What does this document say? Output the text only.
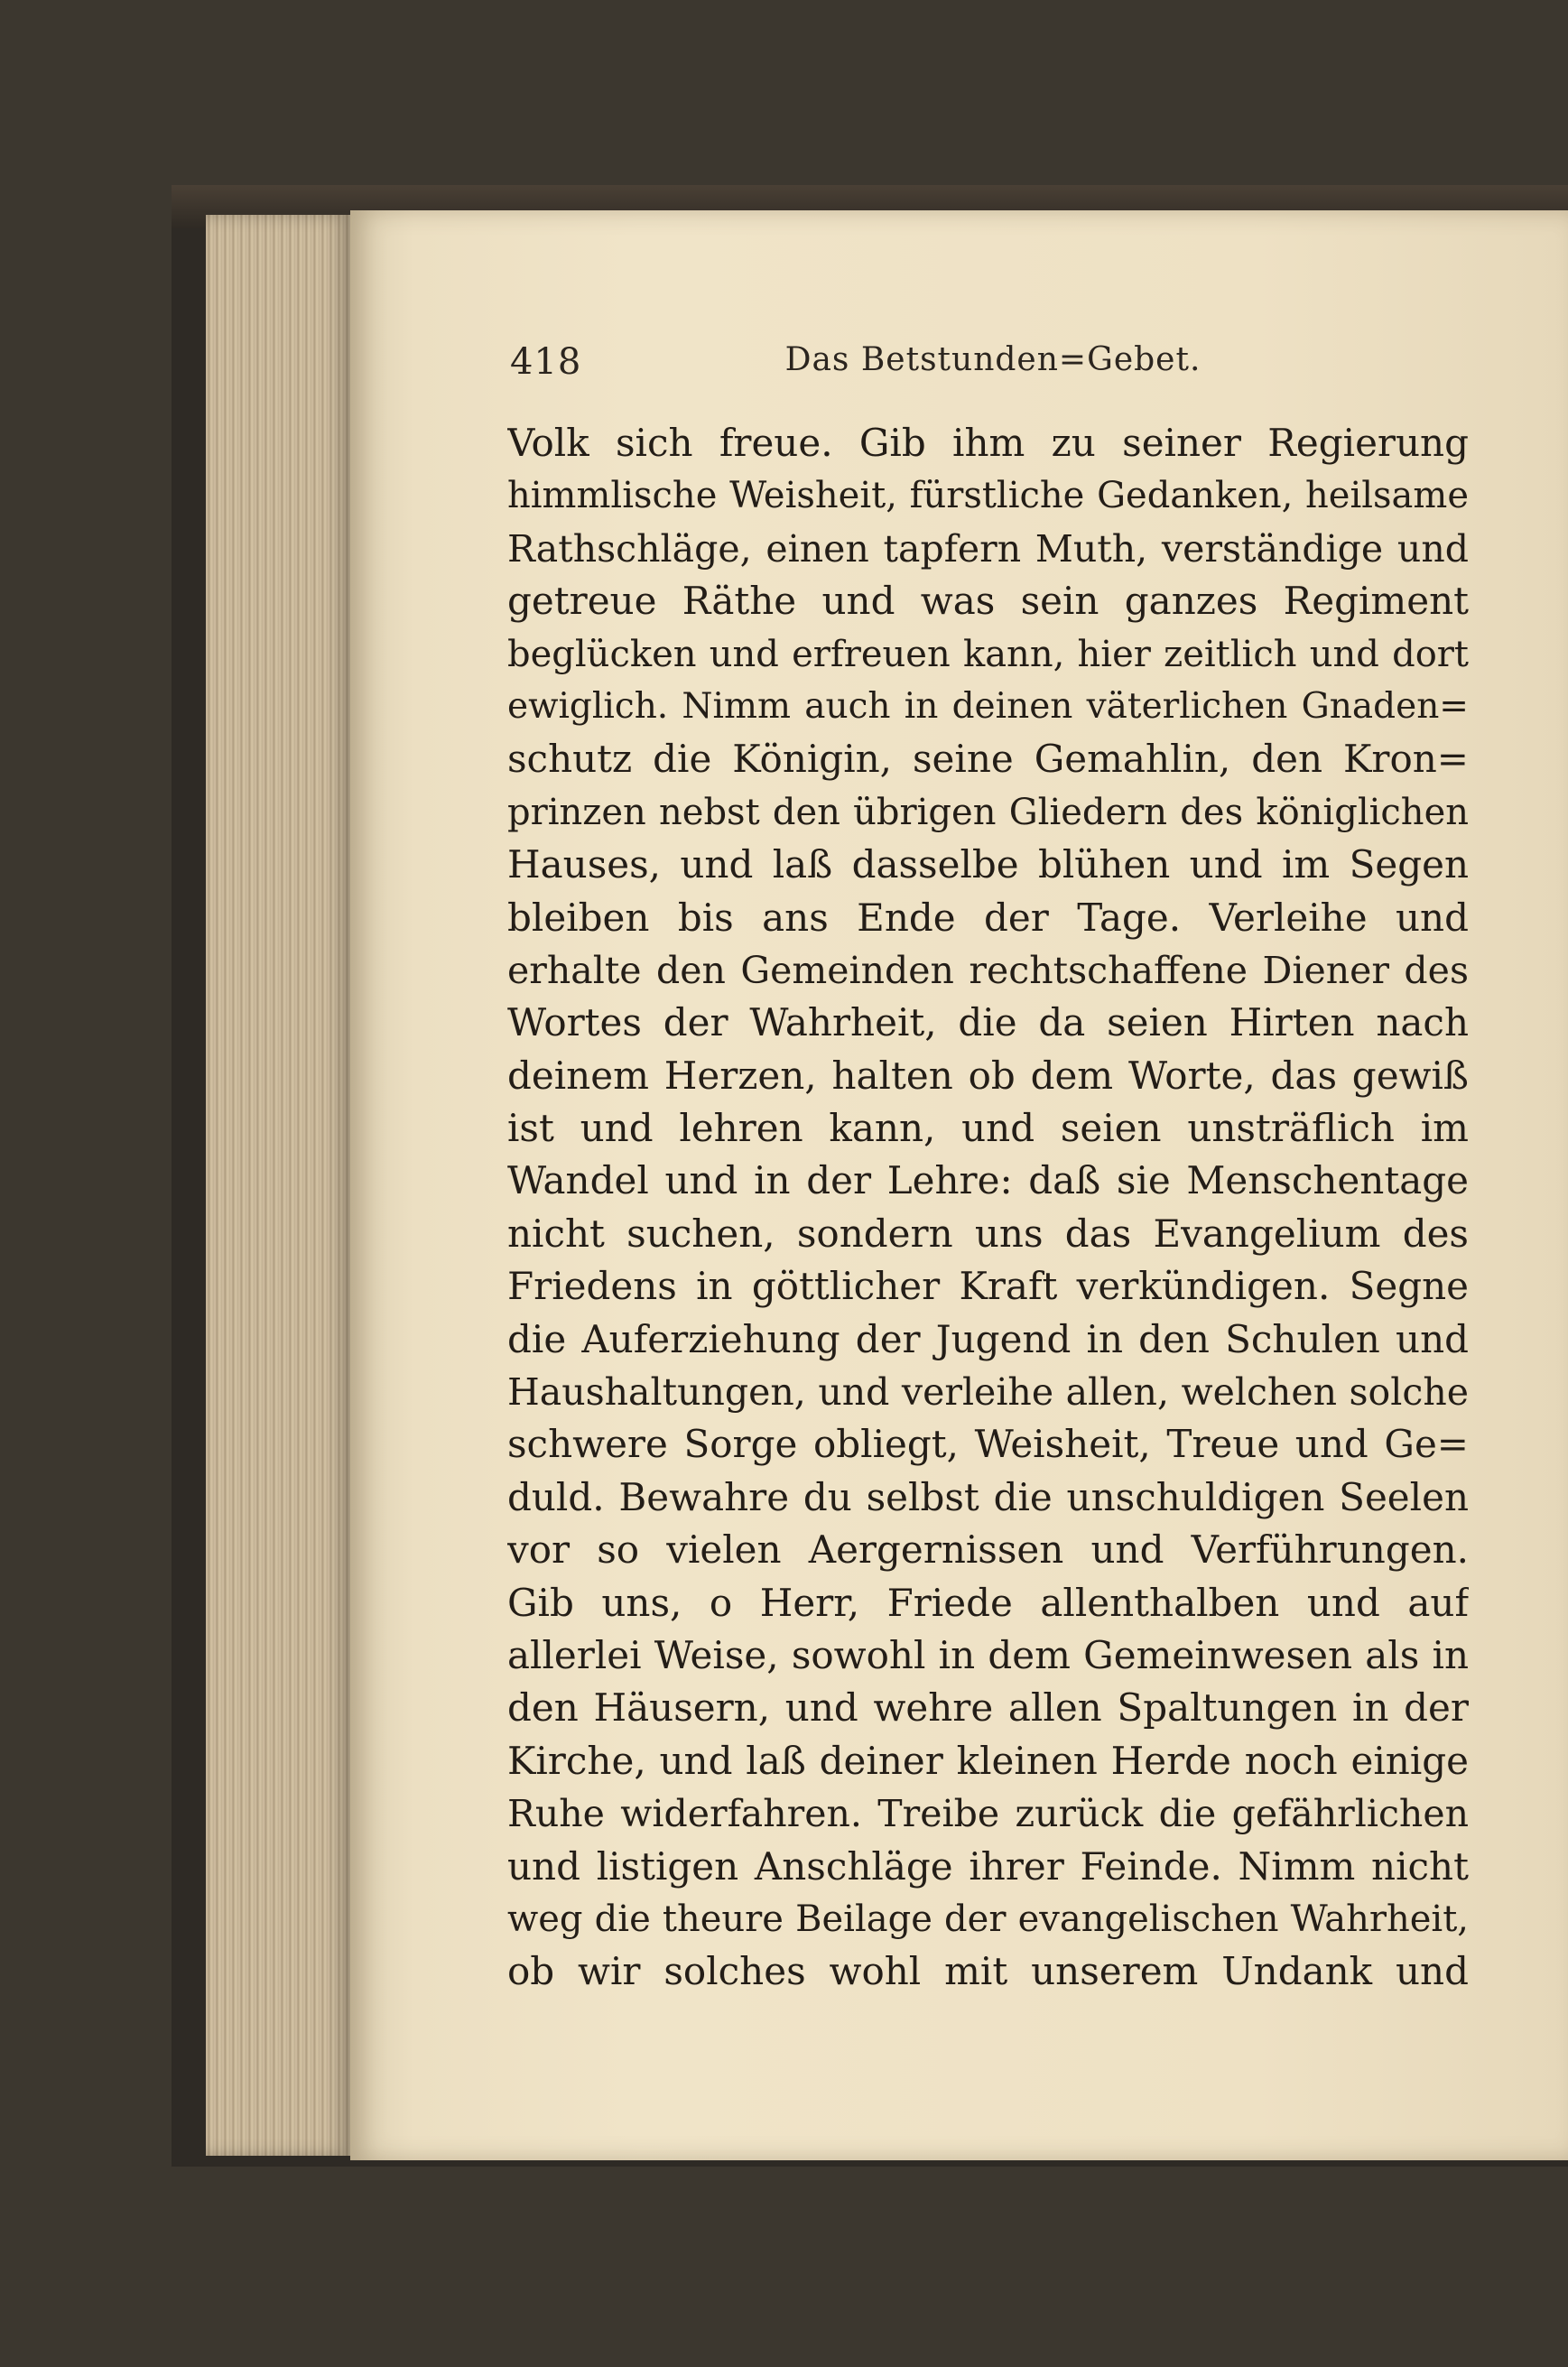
418	Das Betstunden=Gebet.
Volk sich freue. Gib ihm zu seiner Regierung
himmlische Weisheit, fürstliche Gedanken, heilsame
Rathschläge, einen tapfern Muth, verständige und
getreue Räthe und was sein ganzes Regiment
beglücken und erfreuen kann, hier zeitlich und dort
ewiglich. Nimm auch in deinen väterlichen Gnaden=
schutz die Königin, seine Gemahlin, den Kron=
prinzen nebst den übrigen Gliedern des königlichen
Hauses, und laß dasselbe blühen und im Segen
bleiben bis ans Ende der Tage. Verleihe und
erhalte den Gemeinden rechtschaffene Diener des
Wortes der Wahrheit, die da seien Hirten nach
deinem Herzen, halten ob dem Worte, das gewiß
ist und lehren kann, und seien unsträflich im
Wandel und in der Lehre: daß sie Menschentage
nicht suchen, sondern uns das Evangelium des
Friedens in göttlicher Kraft verkündigen. Segne
die Auferziehung der Jugend in den Schulen und
Haushaltungen, und verleihe allen, welchen solche
schwere Sorge obliegt, Weisheit, Treue und Ge=
duld. Bewahre du selbst die unschuldigen Seelen
vor so vielen Aergernissen und Verführungen.
Gib uns, o Herr, Friede allenthalben und auf
allerlei Weise, sowohl in dem Gemeinwesen als in
den Häusern, und wehre allen Spaltungen in der
Kirche, und laß deiner kleinen Herde noch einige
Ruhe widerfahren. Treibe zurück die gefährlichen
und listigen Anschläge ihrer Feinde. Nimm nicht
weg die theure Beilage der evangelischen Wahrheit,
ob wir solches wohl mit unserem Undank und
